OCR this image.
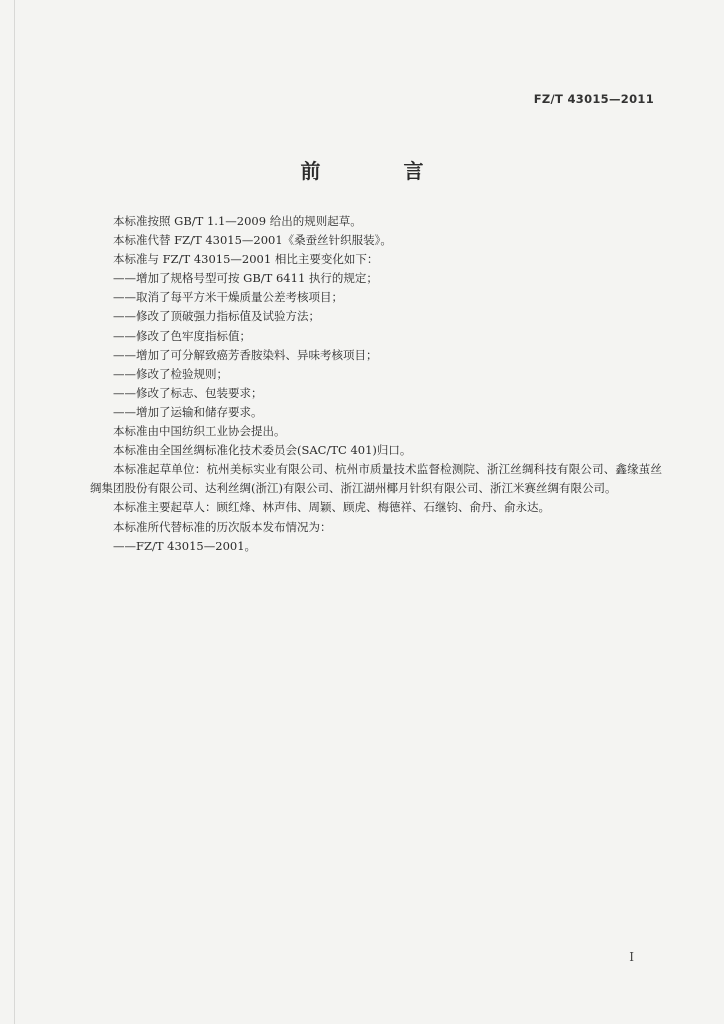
FZ/T 43015—2011
前 言
本标准按照 GB/T 1.1—2009 给出的规则起草。
本标准代替 FZ/T 43015—2001《桑蚕丝针织服装》。
本标准与 FZ/T 43015—2001 相比主要变化如下：
——增加了规格号型可按 GB/T 6411 执行的规定；
——取消了每平方米干燥质量公差考核项目；
——修改了顶破强力指标值及试验方法；
——修改了色牢度指标值；
——增加了可分解致癌芳香胺染料、异味考核项目；
——修改了检验规则；
——修改了标志、包装要求；
——增加了运输和储存要求。
本标准由中国纺织工业协会提出。
本标准由全国丝绸标准化技术委员会(SAC/TC 401)归口。
本标准起草单位：杭州美标实业有限公司、杭州市质量技术监督检测院、浙江丝绸科技有限公司、鑫缘茧丝绸集团股份有限公司、达利丝绸(浙江)有限公司、浙江湖州椰月针织有限公司、浙江米赛丝绸有限公司。
本标准主要起草人：顾红烽、林声伟、周颖、顾虎、梅德祥、石继钧、俞丹、俞永达。
本标准所代替标准的历次版本发布情况为：
——FZ/T 43015—2001。
Ⅰ
